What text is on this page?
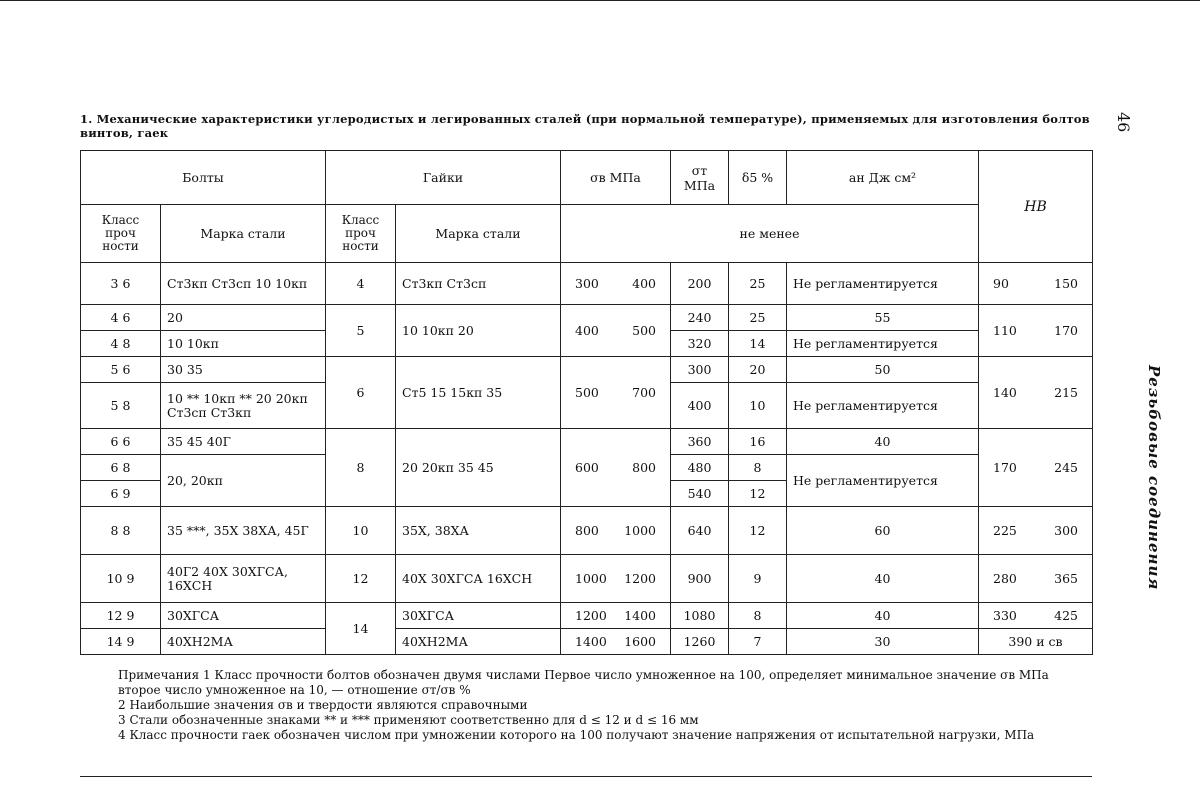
1. Механические характеристики углеродистых и легированных сталей (при нормальной температуре), применяемых для изготовления болтов винтов, гаек
46
Резьбовые соединения
Болты		Гайки		σв МПа	σт МПа	δ5 %	aн Дж см²	HB
Класс проч ности	Марка стали	Класс проч ности	Марка стали	не менее				
3 6	Ст3кп Ст3сп 10 10кп	4	Ст3кп Ст3сп	300 400	200	25	Не регламентируется	90 150

4 6	20	5	10 10кп 20	400 500	240	25	55	110 170

4 8	10 10кп				320	14	Не регламентируется	
5 6	30 35	6	Ст5 15 15кп 35	500 700	300	20	50	140 215

5 8	10 ** 10кп ** 20 20кп Ст3сп Ст3кп				400	10	Не регламентируется	
6 6	35 45 40Г	8	20 20кп 35 45	600 800	360	16	40	170 245

6 8	20, 20кп				480	8	Не регламентируется	
6 9					540	12		
8 8	35 ***, 35Х 38ХА, 45Г	10	35Х, 38ХА	800 1000	640	12	60	225 300

10 9	40Г2 40Х 30ХГСА, 16ХСН	12	40Х 30ХГСА 16ХСН	1000 1200	900	9	40	280 365

12 9	30ХГСА	14	30ХГСА	1200 1400	1080	8	40	330 425

14 9	40ХН2МА		40ХН2МА	1400 1600	1260	7	30	390 и св

Примечания 1 Класс прочности болтов обозначен двумя числами Первое число умноженное на 100, определяет минимальное значение σв МПа второе число умноженное на 10, — отношение σт/σв %

2 Наибольшие значения σв и твердости являются справочными

3 Стали обозначенные знаками ** и *** применяют соответственно для d ≤ 12 и d ≤ 16 мм

4 Класс прочности гаек обозначен числом при умножении которого на 100 получают значение напряжения от испытательной нагрузки, МПа
